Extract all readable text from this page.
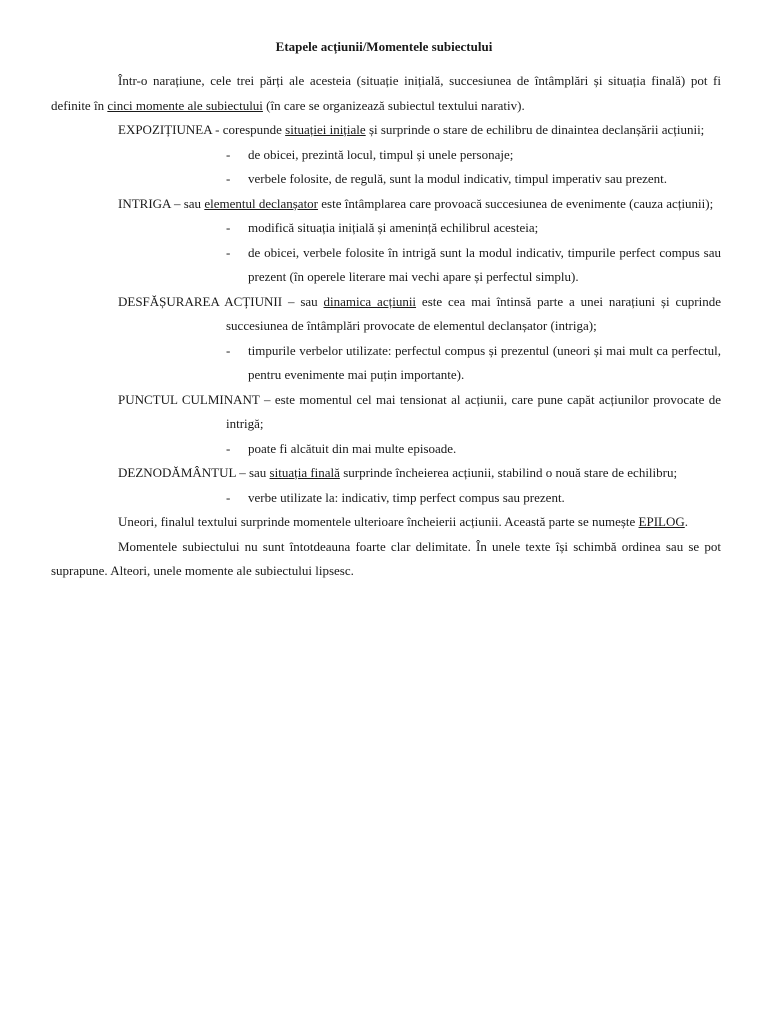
Etapele acțiunii/Momentele subiectului

Într-o narațiune, cele trei părți ale acesteia (situație inițială, succesiunea de întâmplări și situația finală) pot fi definite în cinci momente ale subiectului (în care se organizează subiectul textului narativ).

EXPOZIȚIUNEA - corespunde situației inițiale și surprinde o stare de echilibru de dinaintea declanșării acțiunii;

-	de obicei, prezintă locul, timpul și unele personaje;
-	verbele folosite, de regulă, sunt la modul indicativ, timpul imperativ sau prezent.

INTRIGA – sau elementul declanșator este întâmplarea care provoacă succesiunea de evenimente (cauza acțiunii);

-	modifică situația inițială și amenință echilibrul acesteia;
-	de obicei, verbele folosite în intrigă sunt la modul indicativ, timpurile perfect compus sau prezent (în operele literare mai vechi apare și perfectul simplu).

DESFĂȘURAREA ACȚIUNII – sau dinamica acțiunii este cea mai întinsă parte a unei narațiuni și cuprinde succesiunea de întâmplări provocate de elementul declanșator (intriga);

-	timpurile verbelor utilizate: perfectul compus și prezentul (uneori și mai mult ca perfectul, pentru evenimente mai puțin importante).

PUNCTUL CULMINANT – este momentul cel mai tensionat al acțiunii, care pune capăt acțiunilor provocate de intrigă;

-	poate fi alcătuit din mai multe episoade.

DEZNODĂMÂNTUL – sau situația finală surprinde încheierea acțiunii, stabilind o nouă stare de echilibru;

-	verbe utilizate la: indicativ, timp perfect compus sau prezent.

Uneori, finalul textului surprinde momentele ulterioare încheierii acțiunii. Această parte se numește EPILOG.

Momentele subiectului nu sunt întotdeauna foarte clar delimitate. În unele texte își schimbă ordinea sau se pot suprapune. Alteori, unele momente ale subiectului lipsesc.
